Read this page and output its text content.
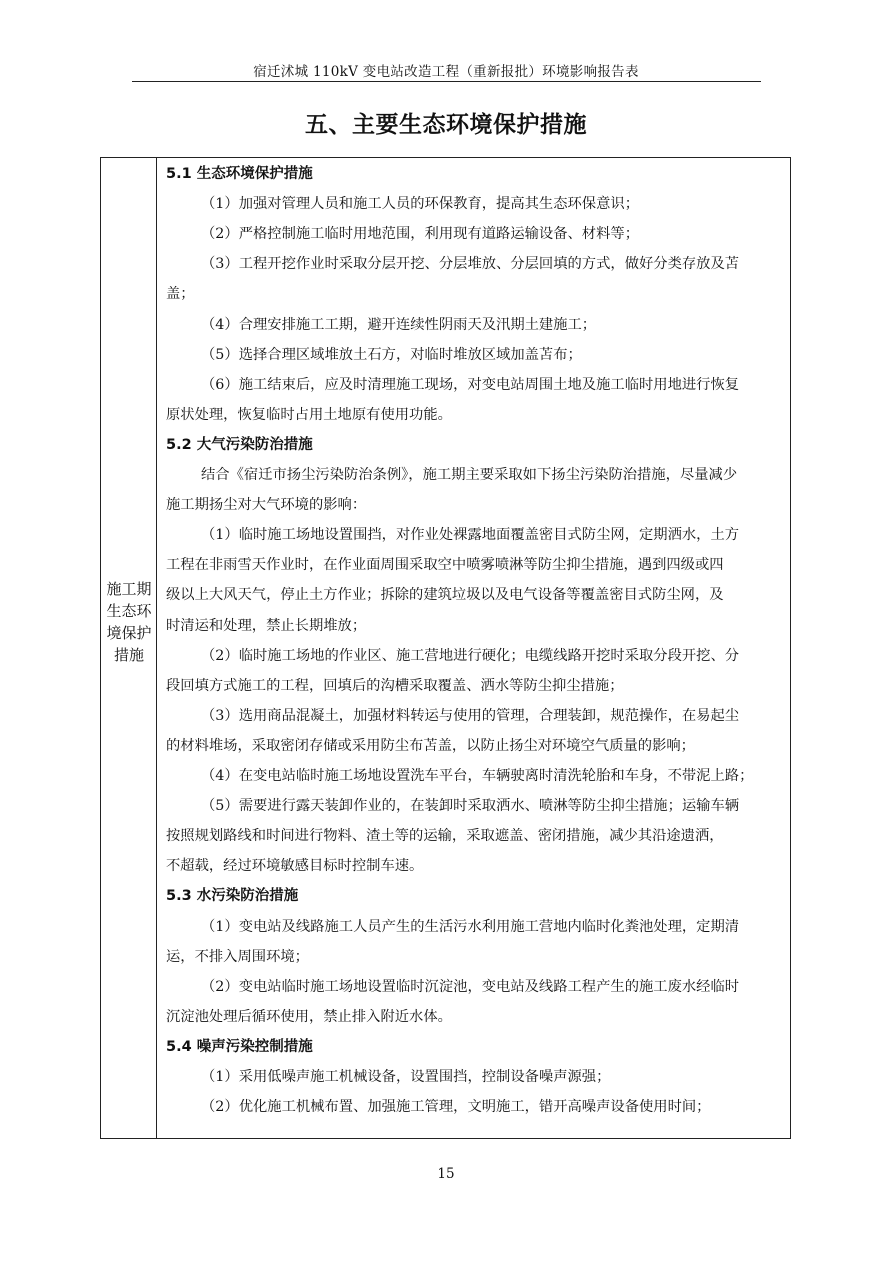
宿迁沭城 110kV 变电站改造工程（重新报批）环境影响报告表
五、主要生态环境保护措施
施工期
生态环
境保护
措施
5.1 生态环境保护措施
（1）加强对管理人员和施工人员的环保教育，提高其生态环保意识；
（2）严格控制施工临时用地范围，利用现有道路运输设备、材料等；
（3）工程开挖作业时采取分层开挖、分层堆放、分层回填的方式，做好分类存放及苫
盖；
（4）合理安排施工工期，避开连续性阴雨天及汛期土建施工；
（5）选择合理区域堆放土石方，对临时堆放区域加盖苫布；
（6）施工结束后，应及时清理施工现场，对变电站周围土地及施工临时用地进行恢复
原状处理，恢复临时占用土地原有使用功能。
5.2 大气污染防治措施
结合《宿迁市扬尘污染防治条例》，施工期主要采取如下扬尘污染防治措施，尽量减少
施工期扬尘对大气环境的影响：
（1）临时施工场地设置围挡，对作业处裸露地面覆盖密目式防尘网，定期洒水，土方
工程在非雨雪天作业时，在作业面周围采取空中喷雾喷淋等防尘抑尘措施，遇到四级或四
级以上大风天气，停止土方作业；拆除的建筑垃圾以及电气设备等覆盖密目式防尘网，及
时清运和处理，禁止长期堆放；
（2）临时施工场地的作业区、施工营地进行硬化；电缆线路开挖时采取分段开挖、分
段回填方式施工的工程，回填后的沟槽采取覆盖、洒水等防尘抑尘措施；
（3）选用商品混凝土，加强材料转运与使用的管理，合理装卸，规范操作，在易起尘
的材料堆场，采取密闭存储或采用防尘布苫盖，以防止扬尘对环境空气质量的影响；
（4）在变电站临时施工场地设置洗车平台，车辆驶离时清洗轮胎和车身，不带泥上路；
（5）需要进行露天装卸作业的，在装卸时采取洒水、喷淋等防尘抑尘措施；运输车辆
按照规划路线和时间进行物料、渣土等的运输，采取遮盖、密闭措施，减少其沿途遗洒，
不超载，经过环境敏感目标时控制车速。
5.3 水污染防治措施
（1）变电站及线路施工人员产生的生活污水利用施工营地内临时化粪池处理，定期清
运，不排入周围环境；
（2）变电站临时施工场地设置临时沉淀池，变电站及线路工程产生的施工废水经临时
沉淀池处理后循环使用，禁止排入附近水体。
5.4 噪声污染控制措施
（1）采用低噪声施工机械设备，设置围挡，控制设备噪声源强；
（2）优化施工机械布置、加强施工管理，文明施工，错开高噪声设备使用时间；
15
